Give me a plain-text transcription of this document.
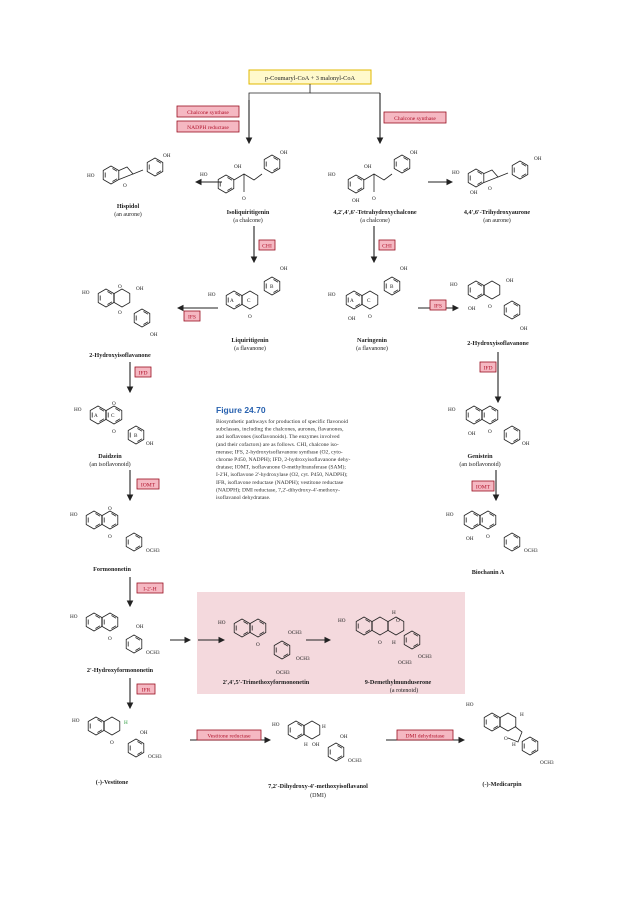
p-Coumaryl-CoA + 3 malonyl-CoA
Chalcone synthase
NADPH reductase
Chalcone synthase
HO
O
OH
Hispidol
(an aurone)
HO
OH
O
OH
Isoliquiritigenin
(a chalcone)
HO
OH
OH O
OH
4,2',4',6'-Tetrahydroxychalcone
(a chalcone)
HO
OH
O
OH
4,4',6'-Trihydroxyaurone
(an aurone)
CHI	CHI
HO
OH
O
O
OH
2-Hydroxyisoflavanone
IFS
A	C
B
HO
O
OH
Liquiritigenin
(a flavanone)
A	C
B
HO
OH O
OH
Naringenin
(a flavanone)
IFS
HO
OH
OH
O
OH
2-Hydroxyisoflavanone
IFD
IFD
A	C
B
HO
O
O
OH
Daidzein
(an isoflavonoid)
Figure 24.70
Biosynthetic pathways for production of specific flavonoid
subclasses, including the chalcones, aurones, flavanones,
and isoflavones (isoflavonoids). The enzymes involved
(and their cofactors) are as follows. CHI, chalcone iso-
merase; IFS, 2-hydroxyisoflavanone synthase (O2, cyto-
chrome P450, NADPH); IFD, 2-hydroxyisoflavanone dehy-
dratase; IOMT, isoflavanone O-methyltransferase (SAM);
I-2'H, isoflavone 2'-hydroxylase (O2, cyt. P450, NADPH);
IFR, isoflavone reductase (NADPH); vestitone reductase
(NADPH); DMI reductase, 7,2'-dihydroxy-4'-methoxy-
isoflavanol dehydratase.
HO
OH O
OH
Genistein
(an isoflavonoid)
IOMT	IOMT
HO
O
O
OCH3
Formononetin
HO
OH O
OCH3
Biochanin A
I-2'-H
HO
O
OH
OCH3
2'-Hydroxyformononetin
HO
O
OCH3
OCH3
OCH3
2',4',5'-Trimethoxyformononetin
HO
H
O
O H
OCH3
OCH3
9-Demethylmunduserone
(a rotenoid)
IFR
HO	H
O
OH
OCH3
(-)-Vestitone
Vestitone reductase
HO	H
H OH
OH
OCH3
7,2'-Dihydroxy-4'-methoxyisoflavanol
(DMI)
DMI dehydratase
HO
H
O
H
OCH3
(-)-Medicarpin
